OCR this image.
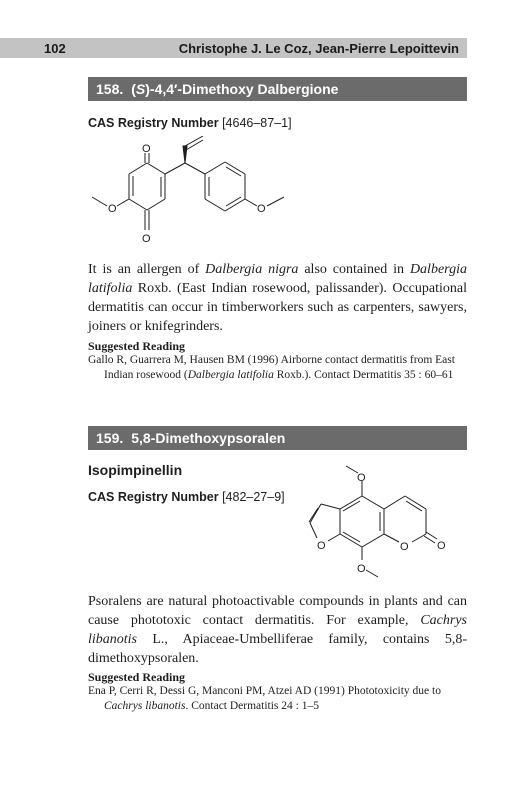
102	Christophe J. Le Coz, Jean-Pierre Lepoittevin
158. (S)-4,4′-Dimethoxy Dalbergione
CAS Registry Number [4646–87–1]
O
O
O	O

It is an allergen of Dalbergia nigra also contained in Dalbergia latifolia Roxb. (East Indian rosewood, palissander). Occupational dermatitis can occur in timberworkers such as carpenters, sawyers, joiners or knifegrinders.

Suggested Reading

Gallo R, Guarrera M, Hausen BM (1996) Airborne contact dermatitis from East Indian rosewood (Dalbergia latifolia Roxb.). Contact Dermatitis 35 : 60–61

159. 5,8-Dimethoxypsoralen
Isopimpinellin
CAS Registry Number [482–27–9]
O
O	O	O
O

Psoralens are natural photoactivable compounds in plants and can cause phototoxic contact dermatitis. For example, Cachrys libanotis L., Apiaceae-Umbelliferae family, contains 5,8-dimethoxypsoralen.

Suggested Reading

Ena P, Cerri R, Dessi G, Manconi PM, Atzei AD (1991) Phototoxicity due to Cachrys libanotis. Contact Dermatitis 24 : 1–5
